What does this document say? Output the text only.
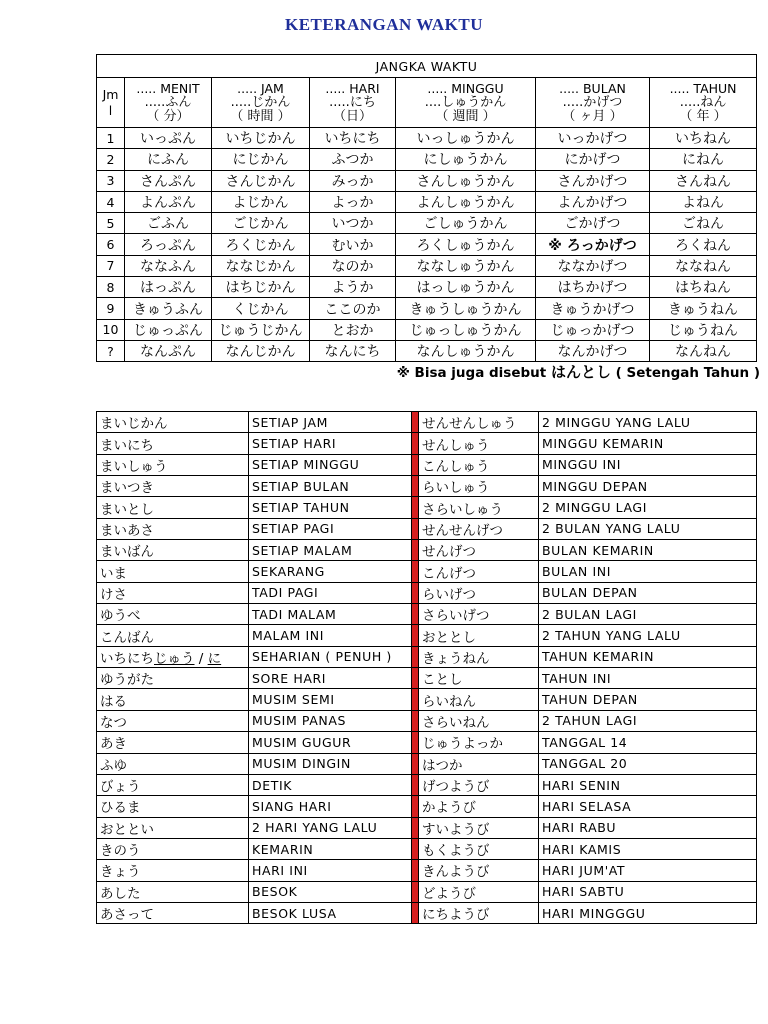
KETERANGAN WAKTU
JANGKA WAKTU						
Jm
l	..... MENIT
.....ふん
（ 分）	..... JAM
.....じかん
（ 時間 ）	..... HARI
.....にち
（日）	..... MINGGU
....しゅうかん
（ 週間 ）	..... BULAN
.....かげつ
（ ヶ月 ）	..... TAHUN
.....ねん
（ 年 ）

1	いっぷん	いちじかん	いちにち	いっしゅうかん	いっかげつ	いちねん
2	にふん	にじかん	ふつか	にしゅうかん	にかげつ	にねん
3	さんぷん	さんじかん	みっか	さんしゅうかん	さんかげつ	さんねん
4	よんぷん	よじかん	よっか	よんしゅうかん	よんかげつ	よねん
5	ごふん	ごじかん	いつか	ごしゅうかん	ごかげつ	ごねん
6	ろっぷん	ろくじかん	むいか	ろくしゅうかん	※ ろっかげつ	ろくねん
7	ななふん	ななじかん	なのか	ななしゅうかん	ななかげつ	ななねん
8	はっぷん	はちじかん	ようか	はっしゅうかん	はちかげつ	はちねん
9	きゅうふん	くじかん	ここのか	きゅうしゅうかん	きゅうかげつ	きゅうねん
10	じゅっぷん	じゅうじかん	とおか	じゅっしゅうかん	じゅっかげつ	じゅうねん
?	なんぷん	なんじかん	なんにち	なんしゅうかん	なんかげつ	なんねん
※ Bisa juga disebut はんとし ( Setengah Tahun )
まいじかん	SETIAP JAM		せんせんしゅう	2 MINGGU YANG LALU
まいにち	SETIAP HARI		せんしゅう	MINGGU KEMARIN
まいしゅう	SETIAP MINGGU		こんしゅう	MINGGU INI
まいつき	SETIAP BULAN		らいしゅう	MINGGU DEPAN
まいとし	SETIAP TAHUN		さらいしゅう	2 MINGGU LAGI
まいあさ	SETIAP PAGI		せんせんげつ	2 BULAN YANG LALU
まいばん	SETIAP MALAM		せんげつ	BULAN KEMARIN
いま	SEKARANG		こんげつ	BULAN INI
けさ	TADI PAGI		らいげつ	BULAN DEPAN
ゆうべ	TADI MALAM		さらいげつ	2 BULAN LAGI
こんばん	MALAM INI		おととし	2 TAHUN YANG LALU
いちにちじゅう / に	SEHARIAN ( PENUH )		きょうねん	TAHUN KEMARIN
ゆうがた	SORE HARI		ことし	TAHUN INI
はる	MUSIM SEMI		らいねん	TAHUN DEPAN
なつ	MUSIM PANAS		さらいねん	2 TAHUN LAGI
あき	MUSIM GUGUR		じゅうよっか	TANGGAL 14
ふゆ	MUSIM DINGIN		はつか	TANGGAL 20
びょう	DETIK		げつようび	HARI SENIN
ひるま	SIANG HARI		かようび	HARI SELASA
おととい	2 HARI YANG LALU		すいようび	HARI RABU
きのう	KEMARIN		もくようび	HARI KAMIS
きょう	HARI INI		きんようび	HARI JUM'AT
あした	BESOK		どようび	HARI SABTU
あさって	BESOK LUSA		にちようび	HARI MINGGGU
